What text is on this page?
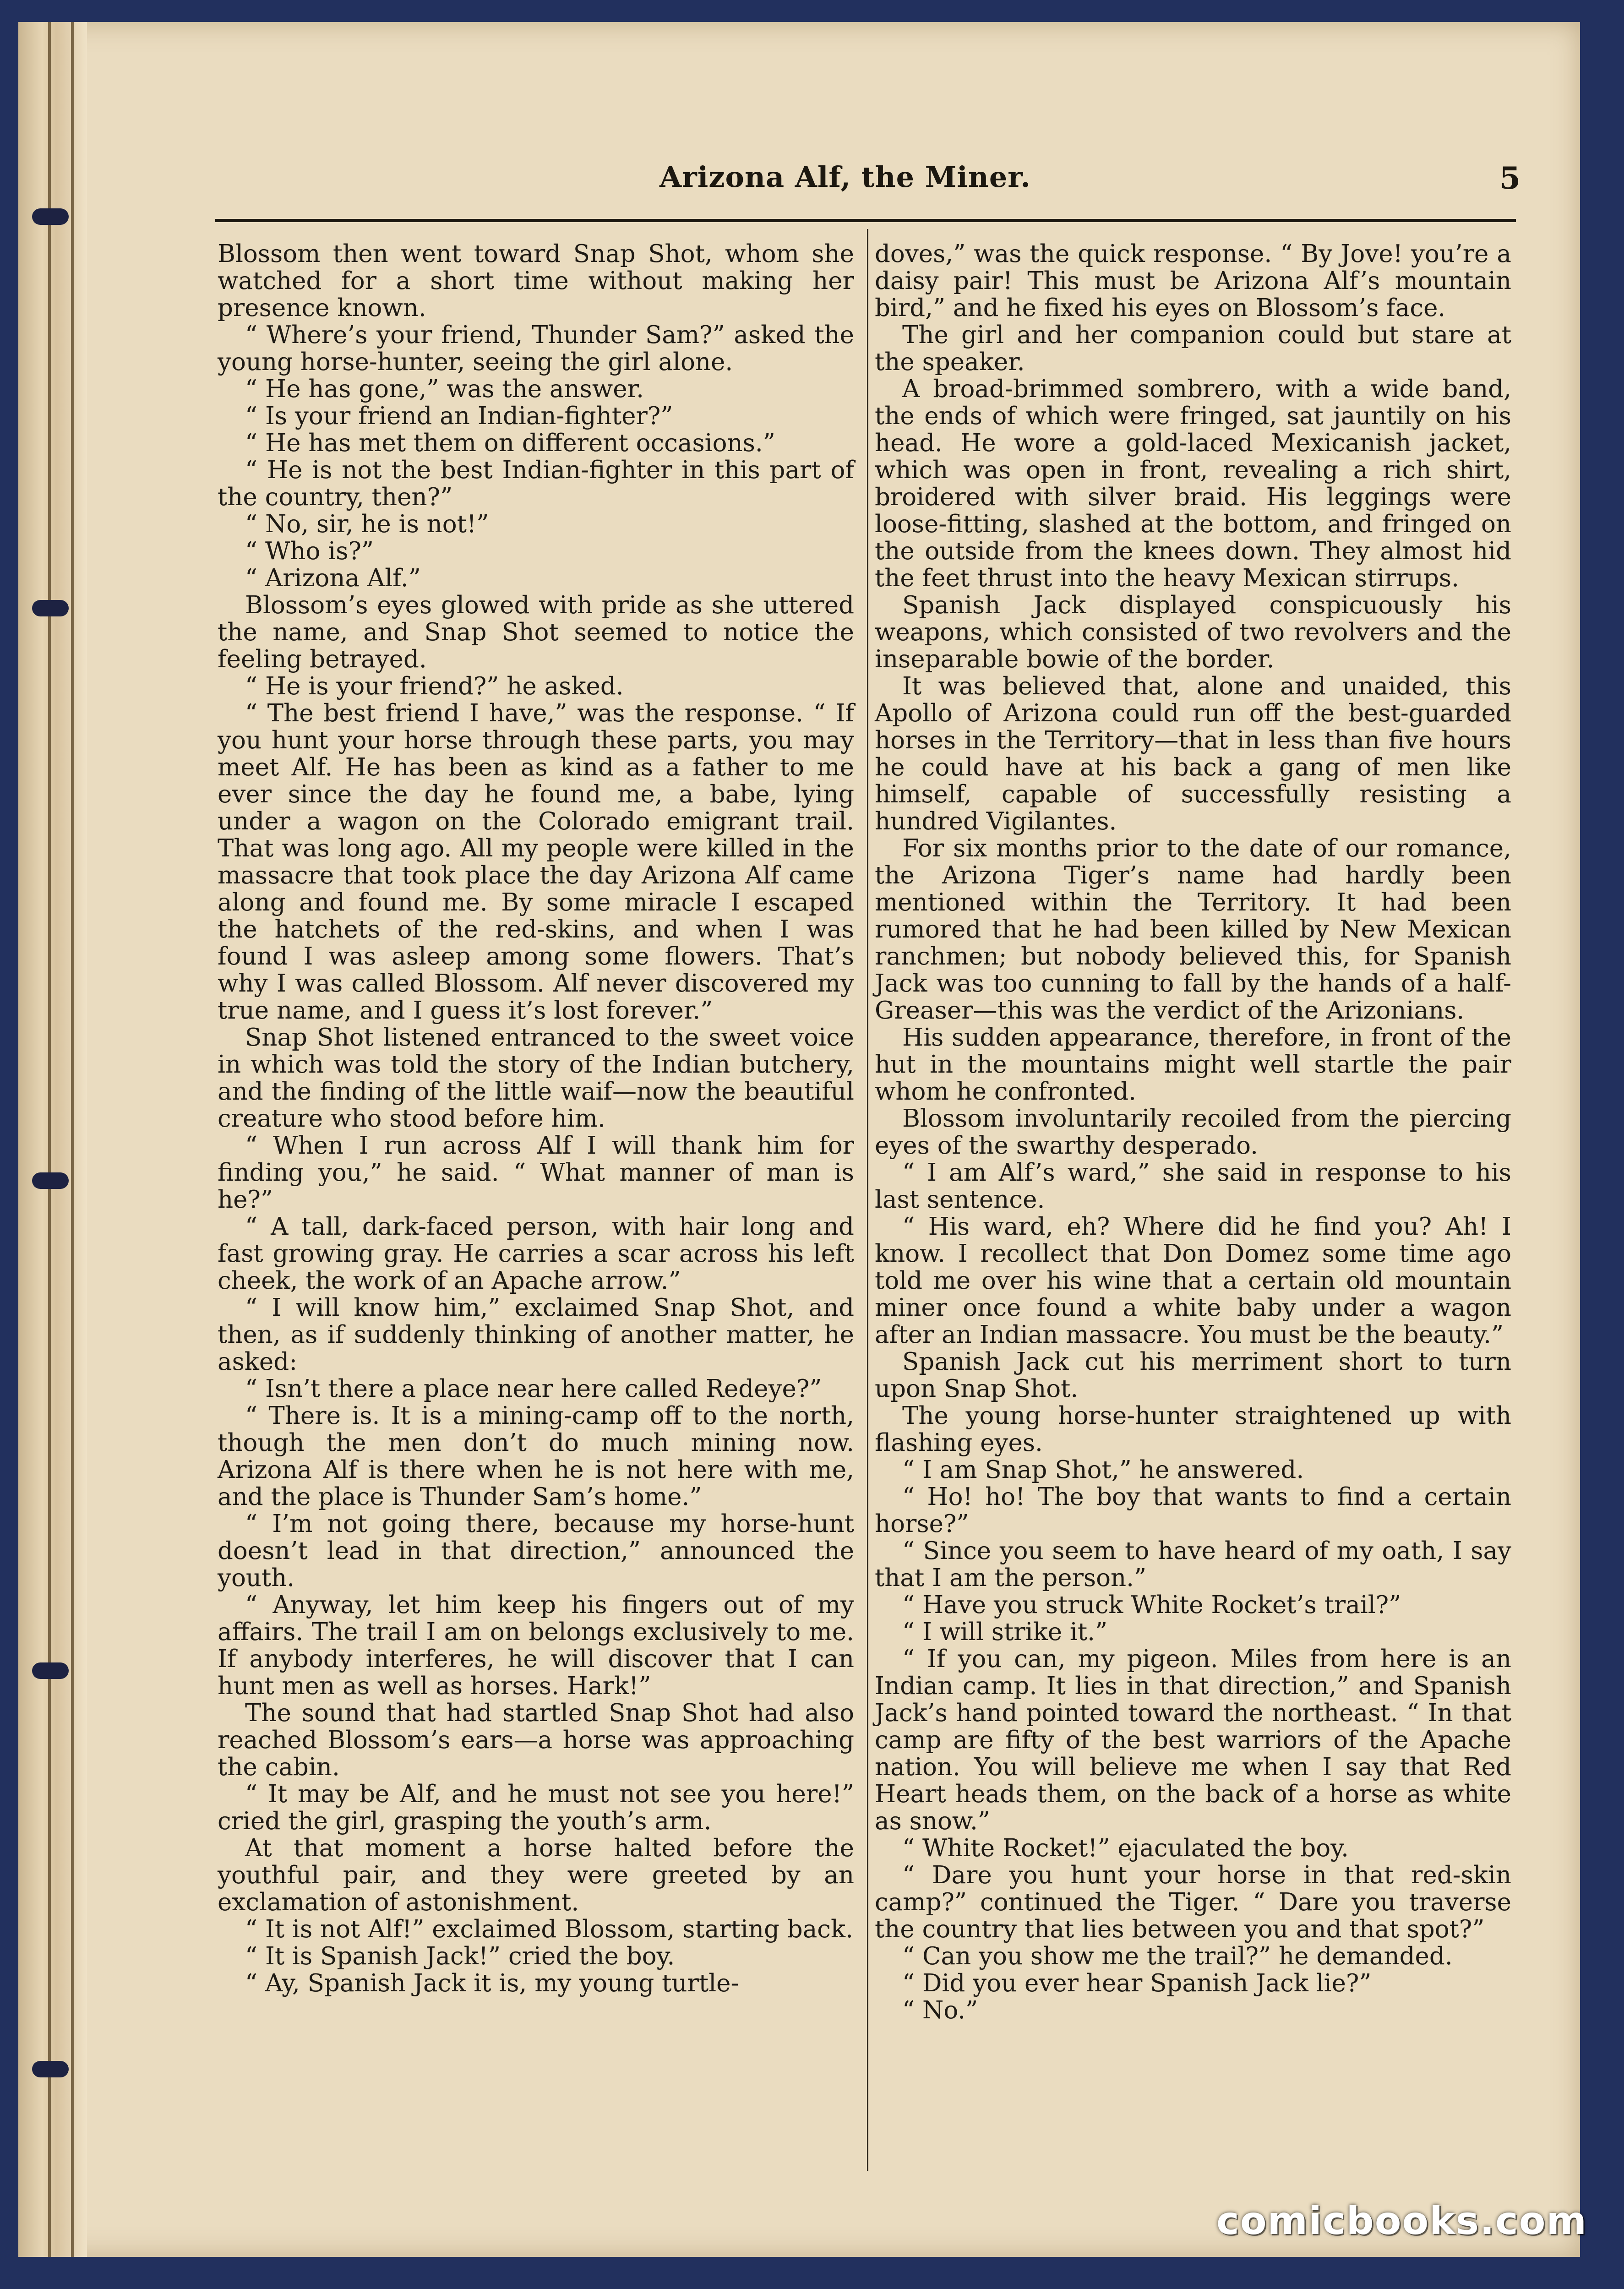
Arizona Alf, the Miner.	5

Blossom then went toward Snap Shot, whom she watched for a short time without making her presence known.

“ Where’s your friend, Thunder Sam?” asked the young horse-hunter, seeing the girl alone.

“ He has gone,” was the answer.

“ Is your friend an Indian-fighter?”

“ He has met them on different occasions.”

“ He is not the best Indian-fighter in this part of the country, then?”

“ No, sir, he is not!”

“ Who is?”

“ Arizona Alf.”

Blossom’s eyes glowed with pride as she uttered the name, and Snap Shot seemed to notice the feeling betrayed.

“ He is your friend?” he asked.

“ The best friend I have,” was the response. “ If you hunt your horse through these parts, you may meet Alf. He has been as kind as a father to me ever since the day he found me, a babe, lying under a wagon on the Colorado emigrant trail. That was long ago. All my people were killed in the massacre that took place the day Arizona Alf came along and found me. By some miracle I escaped the hatchets of the red-skins, and when I was found I was asleep among some flowers. That’s why I was called Blossom. Alf never discovered my true name, and I guess it’s lost forever.”

Snap Shot listened entranced to the sweet voice in which was told the story of the Indian butchery, and the finding of the little waif—now the beautiful creature who stood before him.

“ When I run across Alf I will thank him for finding you,” he said. “ What manner of man is he?”

“ A tall, dark-faced person, with hair long and fast growing gray. He carries a scar across his left cheek, the work of an Apache arrow.”

“ I will know him,” exclaimed Snap Shot, and then, as if suddenly thinking of another matter, he asked:

“ Isn’t there a place near here called Redeye?”

“ There is. It is a mining-camp off to the north, though the men don’t do much mining now. Arizona Alf is there when he is not here with me, and the place is Thunder Sam’s home.”

“ I’m not going there, because my horse-hunt doesn’t lead in that direction,” announced the youth.

“ Anyway, let him keep his fingers out of my affairs. The trail I am on belongs exclusively to me. If anybody interferes, he will discover that I can hunt men as well as horses. Hark!”

The sound that had startled Snap Shot had also reached Blossom’s ears—a horse was approaching the cabin.

“ It may be Alf, and he must not see you here!” cried the girl, grasping the youth’s arm.

At that moment a horse halted before the youthful pair, and they were greeted by an exclamation of astonishment.

“ It is not Alf!” exclaimed Blossom, starting back.

“ It is Spanish Jack!” cried the boy.

“ Ay, Spanish Jack it is, my young turtle-

doves,” was the quick response. “ By Jove! you’re a daisy pair! This must be Arizona Alf’s mountain bird,” and he fixed his eyes on Blossom’s face.

The girl and her companion could but stare at the speaker.

A broad-brimmed sombrero, with a wide band, the ends of which were fringed, sat jauntily on his head. He wore a gold-laced Mexicanish jacket, which was open in front, revealing a rich shirt, broidered with silver braid. His leggings were loose-fitting, slashed at the bottom, and fringed on the outside from the knees down. They almost hid the feet thrust into the heavy Mexican stirrups.

Spanish Jack displayed conspicuously his weapons, which consisted of two revolvers and the inseparable bowie of the border.

It was believed that, alone and unaided, this Apollo of Arizona could run off the best-guarded horses in the Territory—that in less than five hours he could have at his back a gang of men like himself, capable of successfully resisting a hundred Vigilantes.

For six months prior to the date of our romance, the Arizona Tiger’s name had hardly been mentioned within the Territory. It had been rumored that he had been killed by New Mexican ranchmen; but nobody believed this, for Spanish Jack was too cunning to fall by the hands of a half-Greaser—this was the verdict of the Arizonians.

His sudden appearance, therefore, in front of the hut in the mountains might well startle the pair whom he confronted.

Blossom involuntarily recoiled from the piercing eyes of the swarthy desperado.

“ I am Alf’s ward,” she said in response to his last sentence.

“ His ward, eh? Where did he find you? Ah! I know. I recollect that Don Domez some time ago told me over his wine that a certain old mountain miner once found a white baby under a wagon after an Indian massacre. You must be the beauty.”

Spanish Jack cut his merriment short to turn upon Snap Shot.

The young horse-hunter straightened up with flashing eyes.

“ I am Snap Shot,” he answered.

“ Ho! ho! The boy that wants to find a certain horse?”

“ Since you seem to have heard of my oath, I say that I am the person.”

“ Have you struck White Rocket’s trail?”

“ I will strike it.”

“ If you can, my pigeon. Miles from here is an Indian camp. It lies in that direction,” and Spanish Jack’s hand pointed toward the northeast. “ In that camp are fifty of the best warriors of the Apache nation. You will believe me when I say that Red Heart heads them, on the back of a horse as white as snow.”

“ White Rocket!” ejaculated the boy.

“ Dare you hunt your horse in that red-skin camp?” continued the Tiger. “ Dare you traverse the country that lies between you and that spot?”

“ Can you show me the trail?” he demanded.

“ Did you ever hear Spanish Jack lie?”

“ No.”

comicbooks.com
